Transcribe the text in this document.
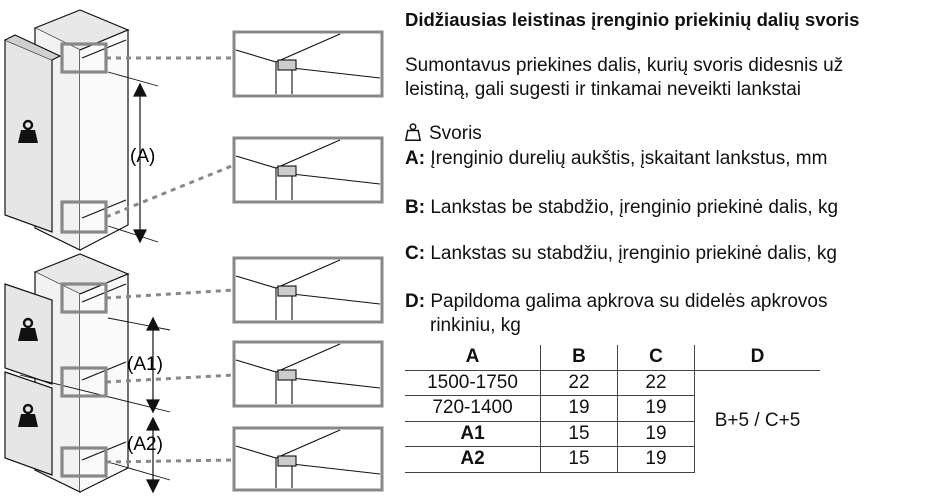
(A)
(A1)
(A2)
Didžiausias leistinas įrenginio priekinių dalių svoris
Sumontavus priekines dalis, kurių svoris didesnis už
leistiną, gali sugesti ir tinkamai neveikti lankstai
Svoris
A: Įrenginio durelių aukštis, įskaitant lankstus, mm
B: Lankstas be stabdžio, įrenginio priekinė dalis, kg
C: Lankstas su stabdžiu, įrenginio priekinė dalis, kg
D: Papildoma galima apkrova su didelės apkrovos
rinkiniu, kg
A	B	C	D
1500-1750	22	22	B+5 / C+5
720-1400	19	19	
A1	15	19	
A2	15	19	
